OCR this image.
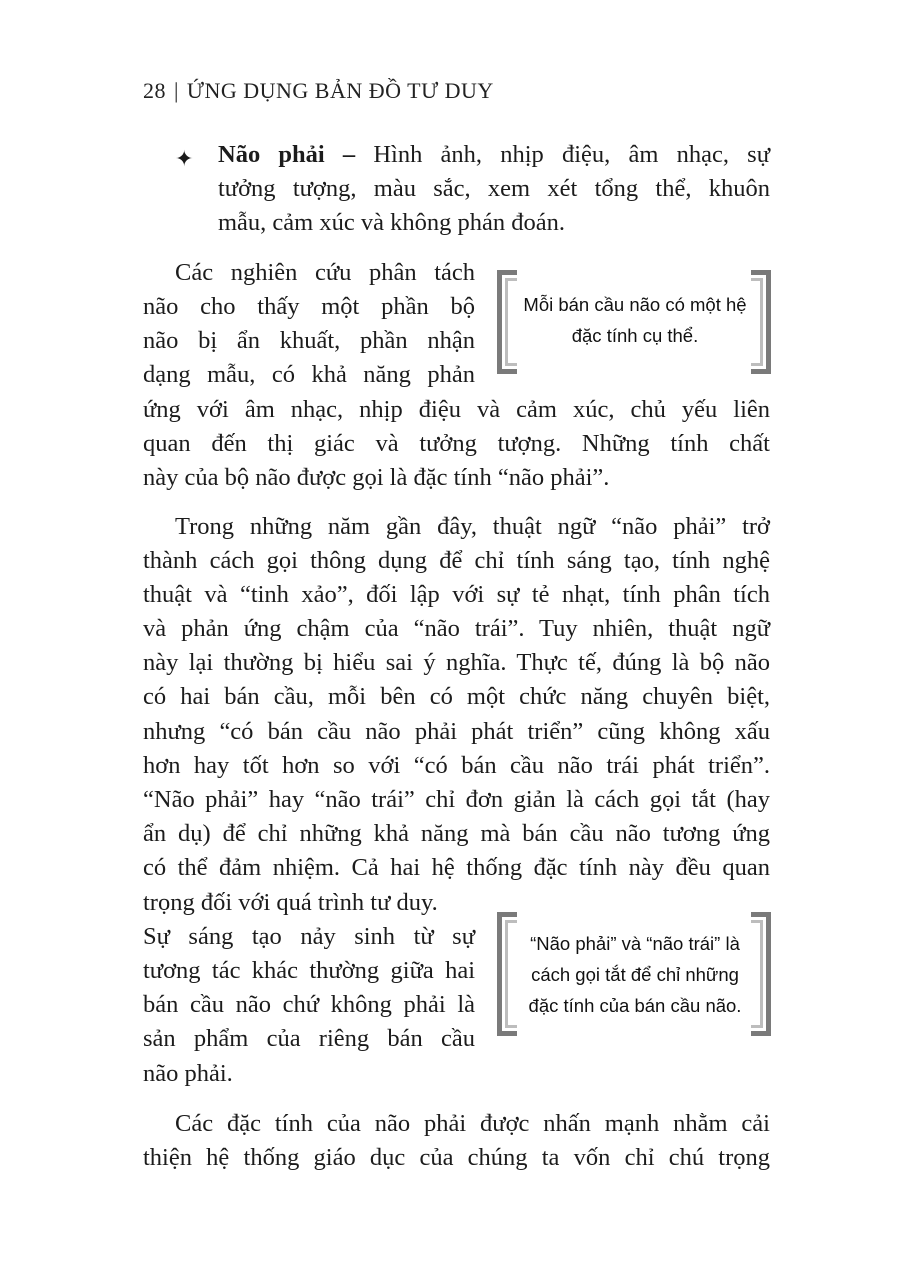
28 | ỨNG DỤNG BẢN ĐỒ TƯ DUY
✦ Não phải – Hình ảnh, nhịp điệu, âm nhạc, sự
tưởng tượng, màu sắc, xem xét tổng thể, khuôn
mẫu, cảm xúc và không phán đoán.
Các nghiên cứu phân tách
não cho thấy một phần bộ
não bị ẩn khuất, phần nhận
dạng mẫu, có khả năng phản
ứng với âm nhạc, nhịp điệu và cảm xúc, chủ yếu liên
quan đến thị giác và tưởng tượng. Những tính chất
này của bộ não được gọi là đặc tính “não phải”.
Mỗi bán cầu não có một hệ
đặc tính cụ thể.
Trong những năm gần đây, thuật ngữ “não phải” trở
thành cách gọi thông dụng để chỉ tính sáng tạo, tính nghệ
thuật và “tinh xảo”, đối lập với sự tẻ nhạt, tính phân tích
và phản ứng chậm của “não trái”. Tuy nhiên, thuật ngữ
này lại thường bị hiểu sai ý nghĩa. Thực tế, đúng là bộ não
có hai bán cầu, mỗi bên có một chức năng chuyên biệt,
nhưng “có bán cầu não phải phát triển” cũng không xấu
hơn hay tốt hơn so với “có bán cầu não trái phát triển”.
“Não phải” hay “não trái” chỉ đơn giản là cách gọi tắt (hay
ẩn dụ) để chỉ những khả năng mà bán cầu não tương ứng
có thể đảm nhiệm. Cả hai hệ thống đặc tính này đều quan
trọng đối với quá trình tư duy.
Sự sáng tạo nảy sinh từ sự
tương tác khác thường giữa hai
bán cầu não chứ không phải là
sản phẩm của riêng bán cầu
não phải.
“Não phải” và “não trái” là
cách gọi tắt để chỉ những
đặc tính của bán cầu não.
Các đặc tính của não phải được nhấn mạnh nhằm cải
thiện hệ thống giáo dục của chúng ta vốn chỉ chú trọng
